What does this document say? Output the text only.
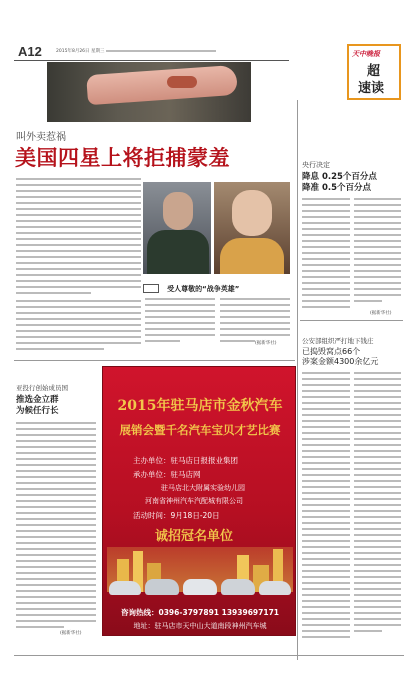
A12	2015年8月26日 星期三	天中晚报
超
速读
叫外卖惹祸
美国四星上将拒捕蒙羞
受人尊敬的“战争英雄”
(据新华社)
央行决定
降息 0.25个百分点
降准 0.5个百分点
(据新华社)
公安部组织严打地下钱庄
已捣毁窝点66个
涉案金额4300余亿元
亚投行创始成员国
推选金立群
为候任行长
(据新华社)
2015年驻马店市金秋汽车
展销会暨千名汽车宝贝才艺比赛
主办单位：驻马店日报报业集团
承办单位：驻马店网
驻马店北大附属实验幼儿园
河南省神州汽车汽配城有限公司
活动时间：9月18日-20日
诚招冠名单位
咨询热线：0396-3797891 13939697171
地址：驻马店市天中山大道南段神州汽车城
